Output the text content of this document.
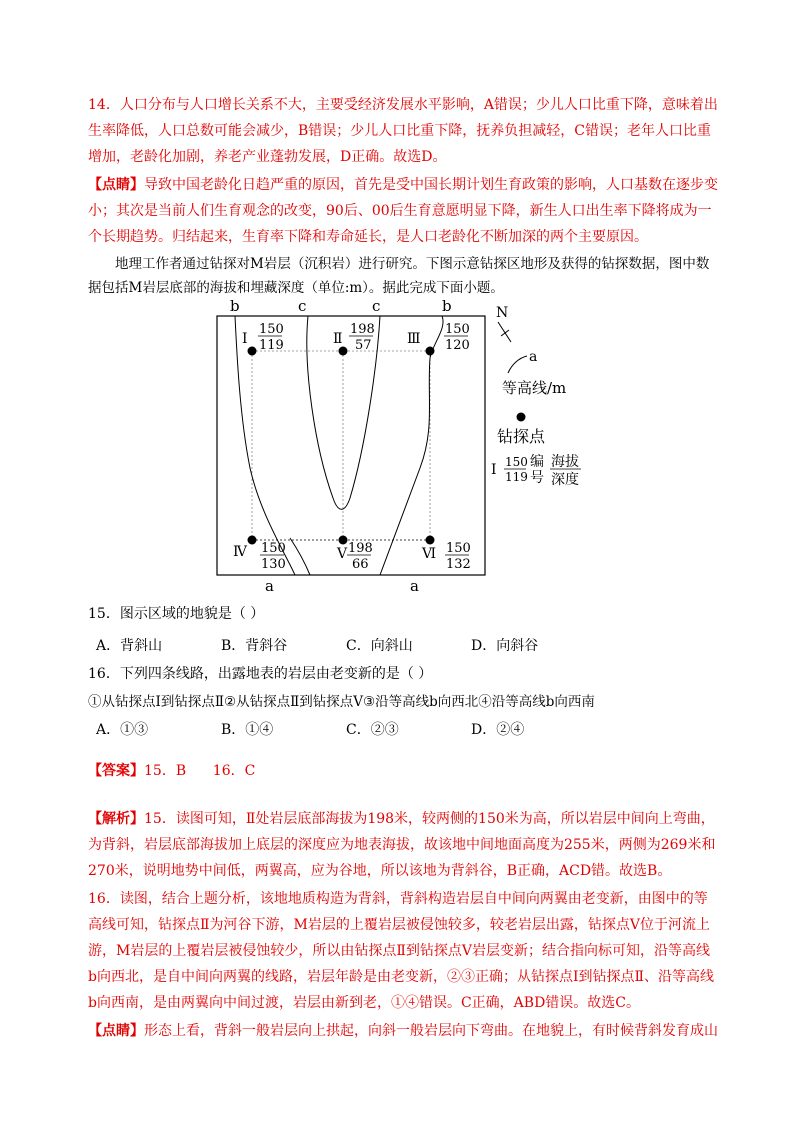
14．人口分布与人口增长关系不大，主要受经济发展水平影响，A错误；少儿人口比重下降，意味着出生率降低，人口总数可能会减少，B错误；少儿人口比重下降，抚养负担减轻，C错误；老年人口比重增加，老龄化加剧，养老产业蓬勃发展，D正确。故选D。

【点睛】导致中国老龄化日趋严重的原因，首先是受中国长期计划生育政策的影响，人口基数在逐步变小；其次是当前人们生育观念的改变，90后、00后生育意愿明显下降，新生人口出生率下降将成为一个长期趋势。归结起来，生育率下降和寿命延长，是人口老龄化不断加深的两个主要原因。

地理工作者通过钻探对M岩层（沉积岩）进行研究。下图示意钻探区地形及获得的钻探数据，图中数据包括M岩层底部的海拔和埋藏深度（单位:m）。据此完成下面小题。

b	c	c	b
a	a
Ⅰ
150
119	Ⅱ
198
57	Ⅲ
150
120
Ⅳ 150
130
Ⅴ 198
66
Ⅵ 150
132
N
a
等高线/m
钻探点
Ⅰ 150
119
编
号
海拔
深度

15．图示区域的地貌是（ ）

A．背斜山	B．背斜谷	C．向斜山	D．向斜谷

16．下列四条线路，出露地表的岩层由老变新的是（ ）

①从钻探点Ⅰ到钻探点Ⅱ②从钻探点Ⅱ到钻探点Ⅴ③沿等高线b向西北④沿等高线b向西南

A．①③	B．①④	C．②③	D．②④

【答案】15．B      16．C

【解析】15．读图可知，Ⅱ处岩层底部海拔为198米，较两侧的150米为高，所以岩层中间向上弯曲，为背斜，岩层底部海拔加上底层的深度应为地表海拔，故该地中间地面高度为255米，两侧为269米和270米，说明地势中间低，两翼高，应为谷地，所以该地为背斜谷，B正确，ACD错。故选B。

16．读图，结合上题分析，该地地质构造为背斜，背斜构造岩层自中间向两翼由老变新，由图中的等高线可知，钻探点Ⅱ为河谷下游，M岩层的上覆岩层被侵蚀较多，较老岩层出露，钻探点Ⅴ位于河流上游，M岩层的上覆岩层被侵蚀较少，所以由钻探点Ⅱ到钻探点Ⅴ岩层变新；结合指向标可知，沿等高线b向西北，是自中间向两翼的线路，岩层年龄是由老变新，②③正确；从钻探点Ⅰ到钻探点Ⅱ、沿等高线b向西南，是由两翼向中间过渡，岩层由新到老，①④错误。C正确，ABD错误。故选C。

【点睛】形态上看，背斜一般岩层向上拱起，向斜一般岩层向下弯曲。在地貌上，有时候背斜发育成山
